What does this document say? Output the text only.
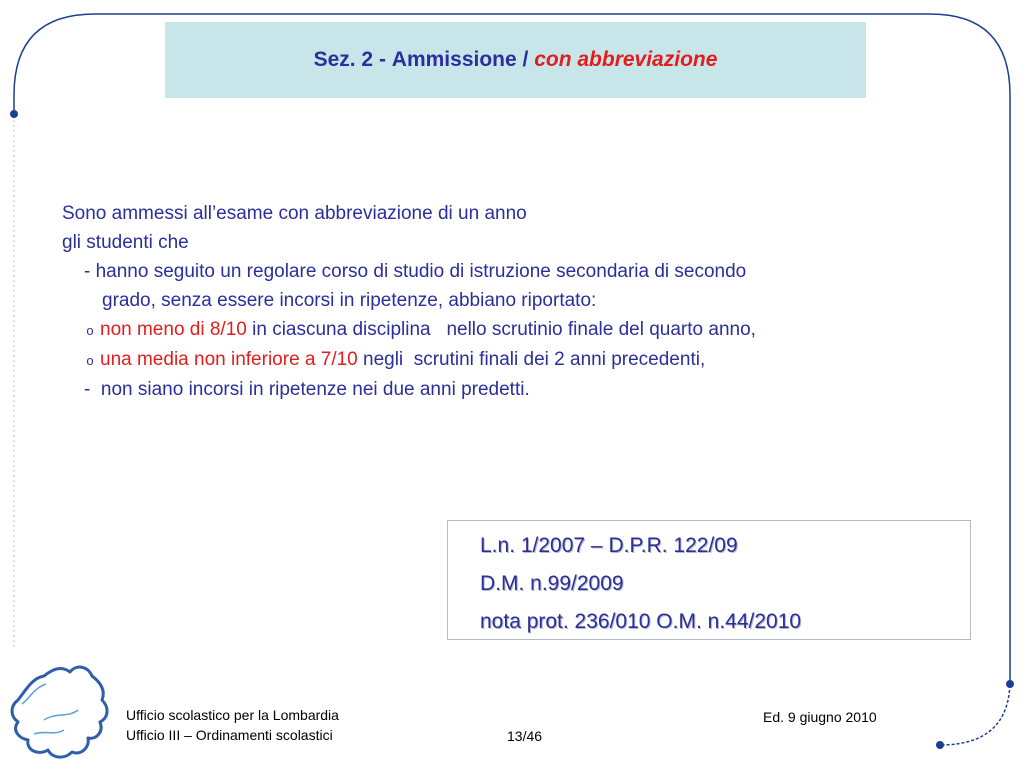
Sez. 2 - Ammissione / con abbreviazione
Sono ammessi all’esame con abbreviazione di un anno
gli studenti che
- hanno seguito un regolare corso di studio di istruzione secondaria di secondo
grado, senza essere incorsi in ripetenze, abbiano riportato:
o non meno di 8/10 in ciascuna disciplina   nello scrutinio finale del quarto anno,
o una media non inferiore a 7/10 negli  scrutini finali dei 2 anni precedenti,
-  non siano incorsi in ripetenze nei due anni predetti.
L.n. 1/2007 – D.P.R. 122/09
D.M. n.99/2009
nota prot. 236/010 O.M. n.44/2010
Ufficio scolastico per la Lombardia
Ufficio III – Ordinamenti scolastici	13/46
Ed. 9 giugno 2010
